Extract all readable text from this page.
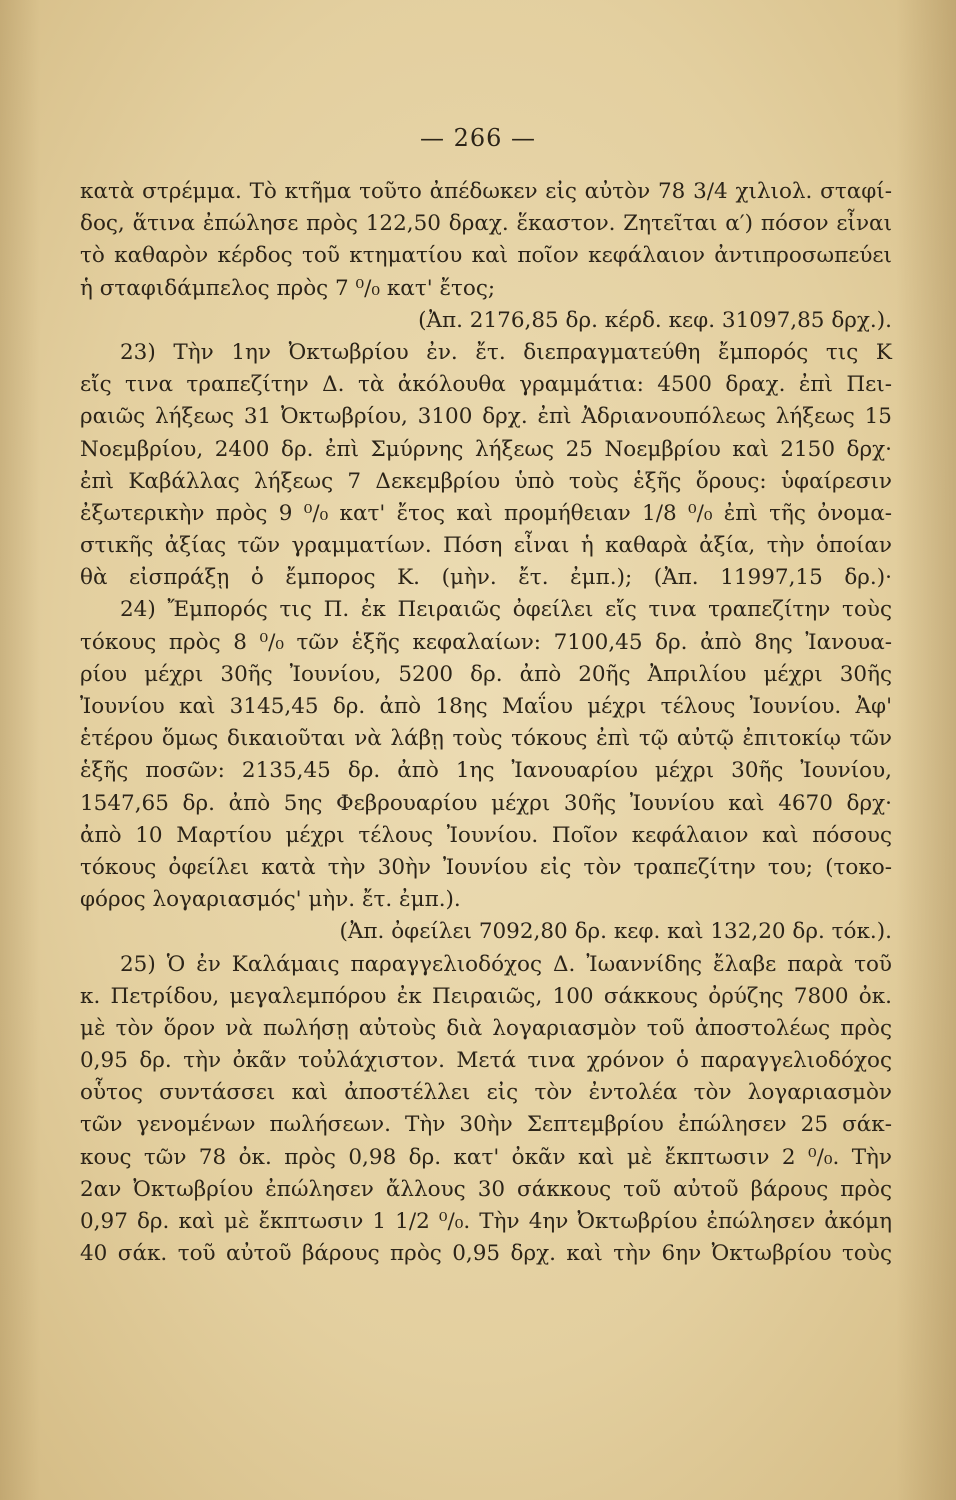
— 266 —
κατὰ στρέμμα. Τὸ κτῆμα τοῦτο ἀπέδωκεν εἰς αὐτὸν 78 3/4 χιλιολ. σταφί-
δος, ἅτινα ἐπώλησε πρὸς 122,50 δραχ. ἕκαστον. Ζητεῖται α′) πόσον εἶναι
τὸ καθαρὸν κέρδος τοῦ κτηματίου καὶ ποῖον κεφάλαιον ἀντιπροσωπεύει
ἡ σταφιδάμπελος πρὸς 7 ⁰/₀ κατ' ἔτος;
(Ἀπ. 2176,85 δρ. κέρδ. κεφ. 31097,85 δρχ.).
23) Τὴν 1ην Ὀκτωβρίου ἐν. ἔτ. διεπραγματεύθη ἔμπορός τις Κ
εἴς τινα τραπεζίτην Δ. τὰ ἀκόλουθα γραμμάτια: 4500 δραχ. ἐπὶ Πει-
ραιῶς λήξεως 31 Ὀκτωβρίου, 3100 δρχ. ἐπὶ Ἀδριανουπόλεως λήξεως 15
Νοεμβρίου, 2400 δρ. ἐπὶ Σμύρνης λήξεως 25 Νοεμβρίου καὶ 2150 δρχ·
ἐπὶ Καβάλλας λήξεως 7 Δεκεμβρίου ὑπὸ τοὺς ἑξῆς ὅρους: ὑφαίρεσιν
ἐξωτερικὴν πρὸς 9 ⁰/₀ κατ' ἔτος καὶ προμήθειαν 1/8 ⁰/₀ ἐπὶ τῆς ὀνομα-
στικῆς ἀξίας τῶν γραμματίων. Πόση εἶναι ἡ καθαρὰ ἀξία, τὴν ὁποίαν
θὰ εἰσπράξῃ ὁ ἔμπορος Κ. (μὴν. ἔτ. ἐμπ.); (Ἀπ. 11997,15 δρ.)·
24) Ἔμπορός τις Π. ἐκ Πειραιῶς ὀφείλει εἴς τινα τραπεζίτην τοὺς
τόκους πρὸς 8 ⁰/₀ τῶν ἑξῆς κεφαλαίων: 7100,45 δρ. ἀπὸ 8ης Ἰανουα-
ρίου μέχρι 30ῆς Ἰουνίου, 5200 δρ. ἀπὸ 20ῆς Ἀπριλίου μέχρι 30ῆς
Ἰουνίου καὶ 3145,45 δρ. ἀπὸ 18ης Μαΐου μέχρι τέλους Ἰουνίου. Ἀφ'
ἑτέρου ὅμως δικαιοῦται νὰ λάβῃ τοὺς τόκους ἐπὶ τῷ αὐτῷ ἐπιτοκίῳ τῶν
ἑξῆς ποσῶν: 2135,45 δρ. ἀπὸ 1ης Ἰανουαρίου μέχρι 30ῆς Ἰουνίου,
1547,65 δρ. ἀπὸ 5ης Φεβρουαρίου μέχρι 30ῆς Ἰουνίου καὶ 4670 δρχ·
ἀπὸ 10 Μαρτίου μέχρι τέλους Ἰουνίου. Ποῖον κεφάλαιον καὶ πόσους
τόκους ὀφείλει κατὰ τὴν 30ὴν Ἰουνίου εἰς τὸν τραπεζίτην του; (τοκο-
φόρος λογαριασμός' μὴν. ἔτ. ἐμπ.).
(Ἀπ. ὀφείλει 7092,80 δρ. κεφ. καὶ 132,20 δρ. τόκ.).
25) Ὁ ἐν Καλάμαις παραγγελιοδόχος Δ. Ἰωαννίδης ἔλαβε παρὰ τοῦ
κ. Πετρίδου, μεγαλεμπόρου ἐκ Πειραιῶς, 100 σάκκους ὀρύζης 7800 ὀκ.
μὲ τὸν ὅρον νὰ πωλήσῃ αὐτοὺς διὰ λογαριασμὸν τοῦ ἀποστολέως πρὸς
0,95 δρ. τὴν ὀκᾶν τοὐλάχιστον. Μετά τινα χρόνον ὁ παραγγελιοδόχος
οὗτος συντάσσει καὶ ἀποστέλλει εἰς τὸν ἐντολέα τὸν λογαριασμὸν
τῶν γενομένων πωλήσεων. Τὴν 30ὴν Σεπτεμβρίου ἐπώλησεν 25 σάκ-
κους τῶν 78 ὀκ. πρὸς 0,98 δρ. κατ' ὀκᾶν καὶ μὲ ἔκπτωσιν 2 ⁰/₀. Τὴν
2αν Ὀκτωβρίου ἐπώλησεν ἄλλους 30 σάκκους τοῦ αὐτοῦ βάρους πρὸς
0,97 δρ. καὶ μὲ ἔκπτωσιν 1 1/2 ⁰/₀. Τὴν 4ην Ὀκτωβρίου ἐπώλησεν ἀκόμη
40 σάκ. τοῦ αὐτοῦ βάρους πρὸς 0,95 δρχ. καὶ τὴν 6ην Ὀκτωβρίου τοὺς
